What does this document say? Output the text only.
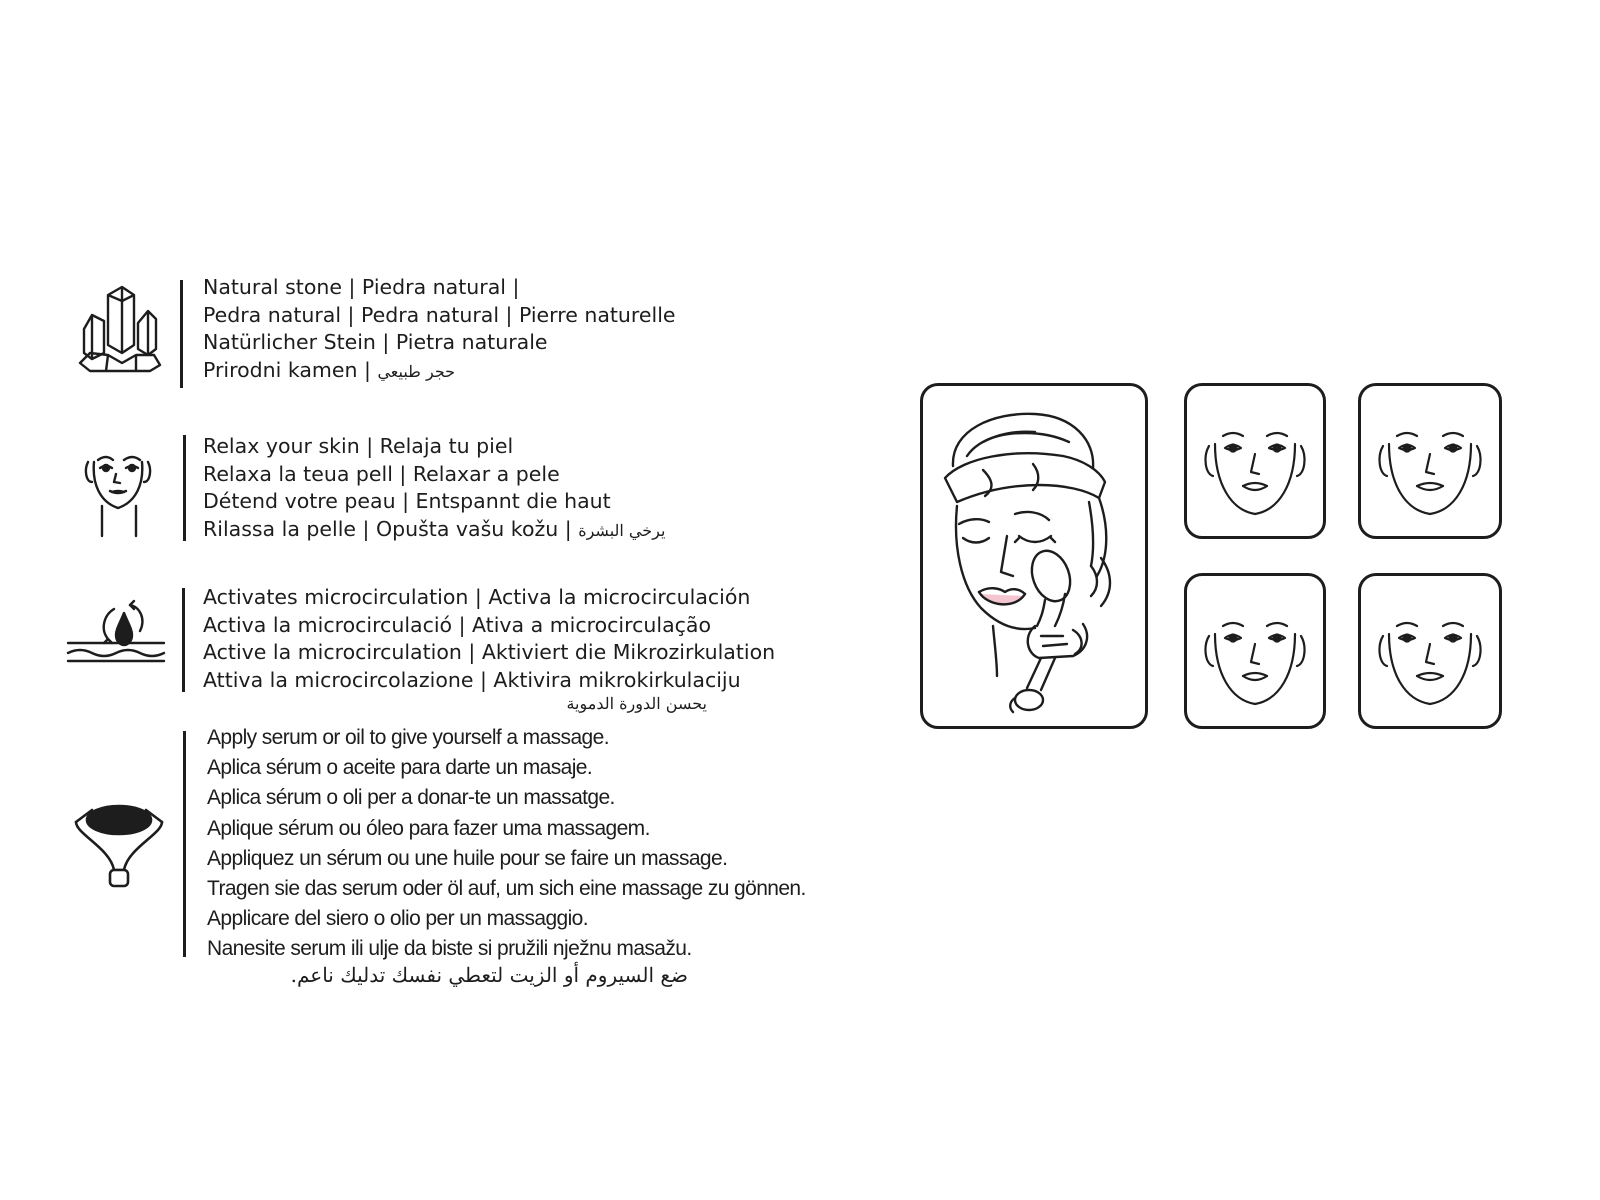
Natural stone | Piedra natural |
Pedra natural | Pedra natural | Pierre naturelle
Natürlicher Stein | Pietra naturale
Prirodni kamen | حجر طبيعي
Relax your skin | Relaja tu piel
Relaxa la teua pell | Relaxar a pele
Détend votre peau | Entspannt die haut
Rilassa la pelle | Opušta vašu kožu | يرخي البشرة
Activates microcirculation | Activa la microcirculación
Activa la microcirculació | Ativa a microcirculação
Active la microcirculation | Aktiviert die Mikrozirkulation
Attiva la microcircolazione | Aktivira mikrokirkulaciju
يحسن الدورة الدموية
Apply serum or oil to give yourself a massage.
Aplica sérum o aceite para darte un masaje.
Aplica sérum o oli per a donar-te un massatge.
Aplique sérum ou óleo para fazer uma massagem.
Appliquez un sérum ou une huile pour se faire un massage.
Tragen sie das serum oder öl auf, um sich eine massage zu gönnen.
Applicare del siero o olio per un massaggio.
Nanesite serum ili ulje da biste si pružili nježnu masažu.
ضع السيروم أو الزيت لتعطي نفسك تدليك ناعم.
